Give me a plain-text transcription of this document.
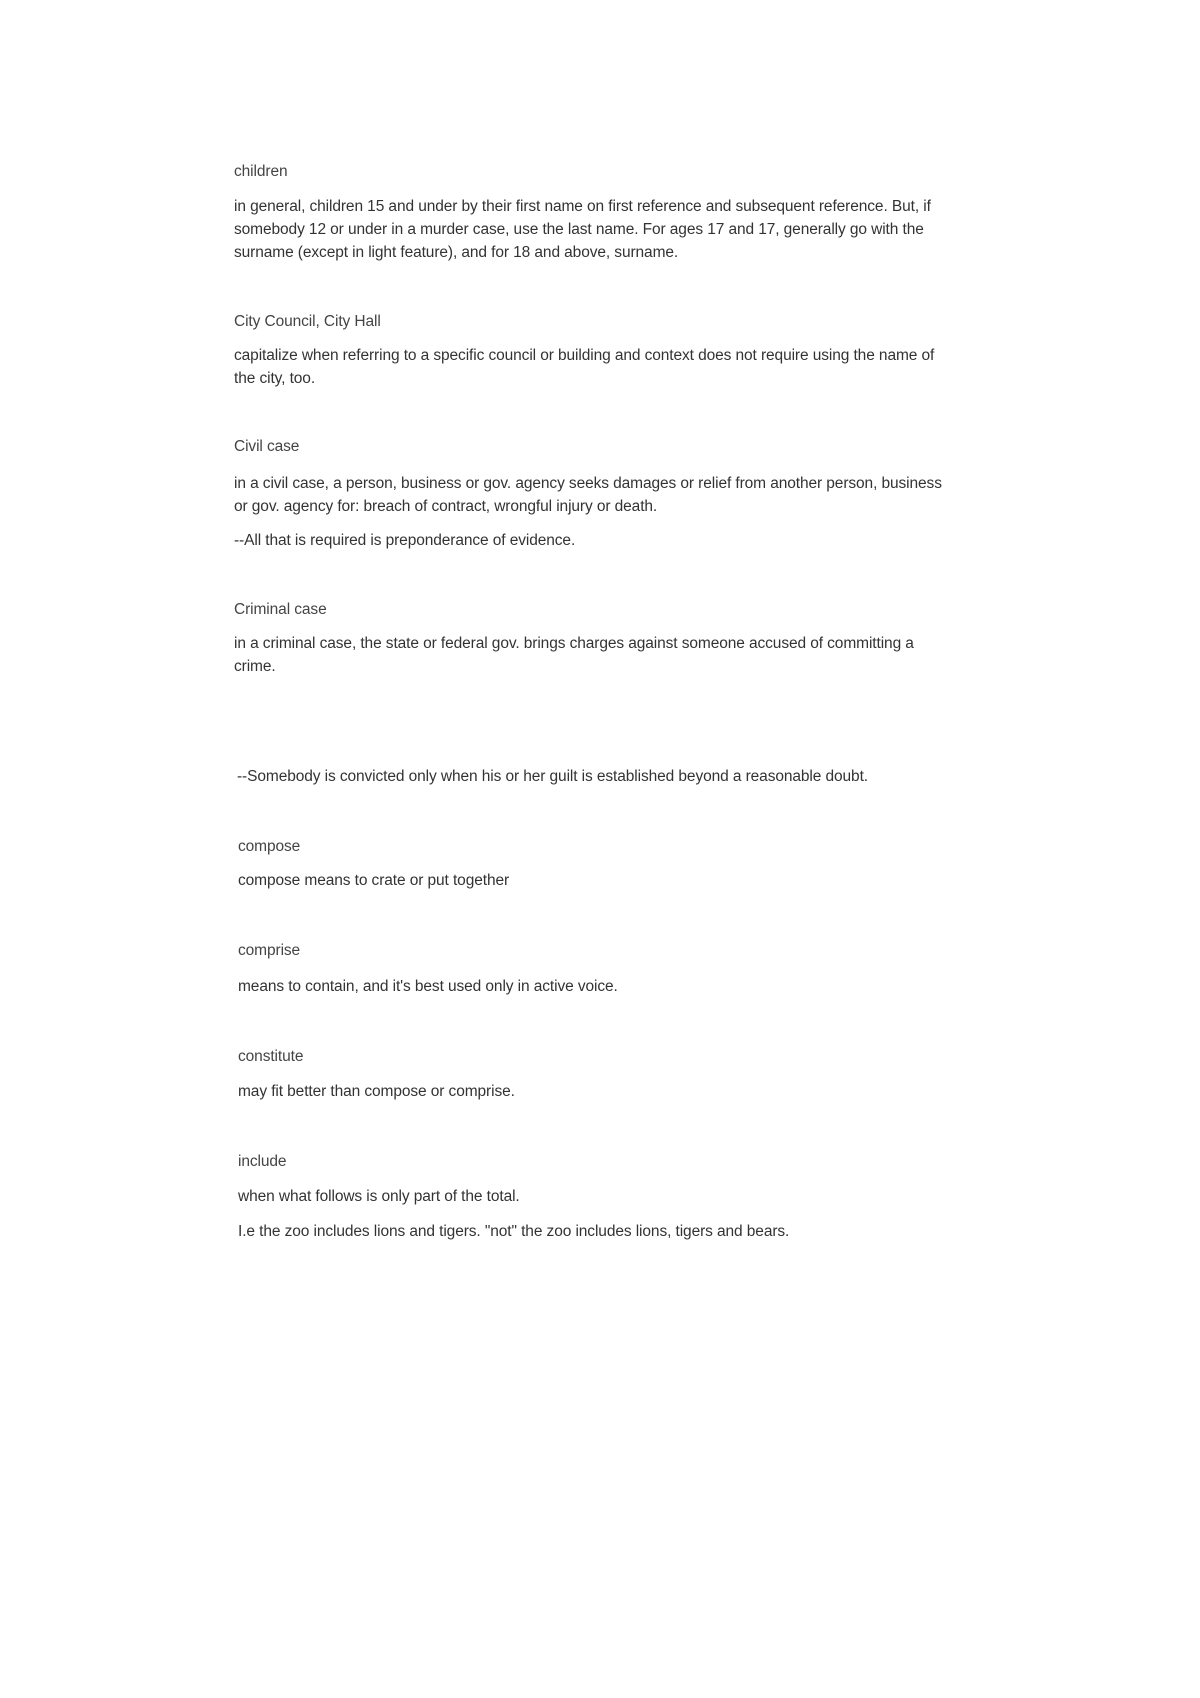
children
in general, children 15 and under by their first name on first reference and subsequent reference. But, if
somebody 12 or under in a murder case, use the last name. For ages 17 and 17, generally go with the
surname (except in light feature), and for 18 and above, surname.
City Council, City Hall
capitalize when referring to a specific council or building and context does not require using the name of
the city, too.
Civil case
in a civil case, a person, business or gov. agency seeks damages or relief from another person, business
or gov. agency for: breach of contract, wrongful injury or death.
--All that is required is preponderance of evidence.
Criminal case
in a criminal case, the state or federal gov. brings charges against someone accused of committing a
crime.
--Somebody is convicted only when his or her guilt is established beyond a reasonable doubt.
compose
compose means to crate or put together
comprise
means to contain, and it's best used only in active voice.
constitute
may fit better than compose or comprise.
include
when what follows is only part of the total.
I.e the zoo includes lions and tigers. "not" the zoo includes lions, tigers and bears.
